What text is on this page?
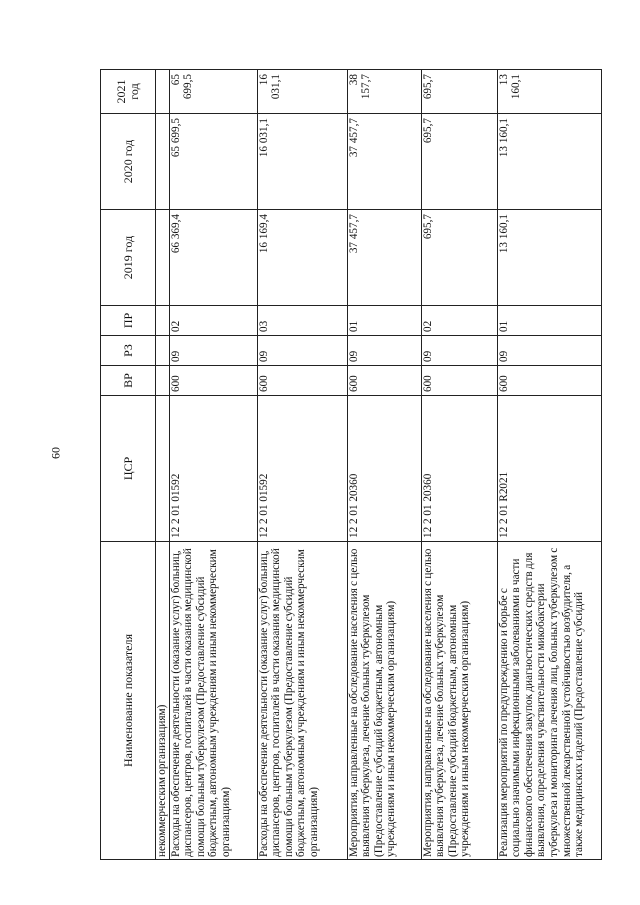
60
Наименование показателя	ЦСР	ВР	РЗ	ПР	2019 год	2020 год	2021 год
некоммерческим организациям)							
Расходы на обеспечение деятельности (оказание услуг) больниц, диспансеров, центров, госпиталей в части оказания медицинской помощи больным туберкулезом (Предоставление субсидий бюджетным, автономным учреждениям и иным некоммерческим организациям)	12 2 01 01592	600	09	02	66 369,4	65 699,5	65 699,5
Расходы на обеспечение деятельности (оказание услуг) больниц, диспансеров, центров, госпиталей в части оказания медицинской помощи больным туберкулезом (Предоставление субсидий бюджетным, автономным учреждениям и иным некоммерческим организациям)	12 2 01 01592	600	09	03	16 169,4	16 031,1	16 031,1
Мероприятия, направленные на обследование населения с целью выявления туберкулеза, лечение больных туберкулезом (Предоставление субсидий бюджетным, автономным учреждениям и иным некоммерческим организациям)	12 2 01 20360	600	09	01	37 457,7	37 457,7	38 157,7
Мероприятия, направленные на обследование населения с целью выявления туберкулеза, лечение больных туберкулезом (Предоставление субсидий бюджетным, автономным учреждениям и иным некоммерческим организациям)	12 2 01 20360	600	09	02	695,7	695,7	695,7
Реализация мероприятий по предупреждению и борьбе с социально значимыми инфекционными заболеваниями в части финансового обеспечения закупок диагностических средств для выявления, определения чувствительности микобактерии туберкулеза и мониторинга лечения лиц, больных туберкулезом с множественной лекарственной устойчивостью возбудителя, а также медицинских изделий (Предоставление субсидий	12 2 01 R2021	600	09	01	13 160,1	13 160,1	13 160,1
